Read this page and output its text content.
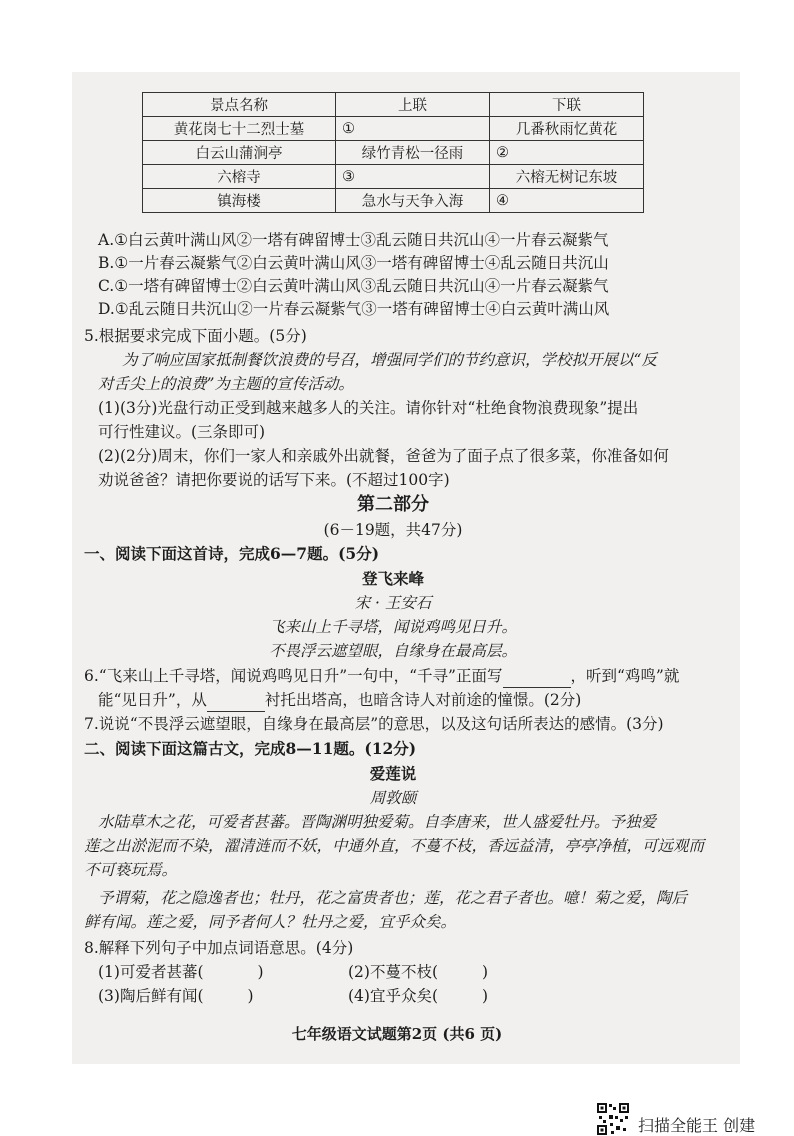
景点名称	上联	下联
黄花岗七十二烈士墓	①	几番秋雨忆黄花
白云山蒲涧亭	绿竹青松一径雨	②
六榕寺	③	六榕无树记东坡
镇海楼	急水与天争入海	④
A.①白云黄叶满山风②一塔有碑留博士③乱云随日共沉山④一片春云凝紫气
B.①一片春云凝紫气②白云黄叶满山风③一塔有碑留博士④乱云随日共沉山
C.①一塔有碑留博士②白云黄叶满山风③乱云随日共沉山④一片春云凝紫气
D.①乱云随日共沉山②一片春云凝紫气③一塔有碑留博士④白云黄叶满山风
5.根据要求完成下面小题。(5分)
为了响应国家抵制餐饮浪费的号召，增强同学们的节约意识，学校拟开展以“反
对舌尖上的浪费”为主题的宣传活动。
(1)(3分)光盘行动正受到越来越多人的关注。请你针对“杜绝食物浪费现象”提出
可行性建议。(三条即可)
(2)(2分)周末，你们一家人和亲戚外出就餐，爸爸为了面子点了很多菜，你准备如何
劝说爸爸？请把你要说的话写下来。(不超过100字)
第二部分
(6－19题，共47分)
一、阅读下面这首诗，完成6—7题。(5分)
登飞来峰
宋 · 王安石
飞来山上千寻塔，闻说鸡鸣见日升。
不畏浮云遮望眼，自缘身在最高层。
6.“飞来山上千寻塔，闻说鸡鸣见日升”一句中，“千寻”正面写	，听到“鸡鸣”就
能“见日升”，从	衬托出塔高，也暗含诗人对前途的憧憬。(2分)
7.说说“不畏浮云遮望眼，自缘身在最高层”的意思，以及这句话所表达的感情。(3分)
二、阅读下面这篇古文，完成8—11题。(12分)
爱莲说
周敦颐
水陆草木之花，可爱者甚蕃。晋陶渊明独爱菊。自李唐来，世人盛爱牡丹。予独爱
莲之出淤泥而不染，濯清涟而不妖，中通外直，不蔓不枝，香远益清，亭亭净植，可远观而
不可亵玩焉。
予谓菊，花之隐逸者也；牡丹，花之富贵者也；莲，花之君子者也。噫！菊之爱，陶后
鲜有闻。莲之爱，同予者何人？牡丹之爱，宜乎众矣。
8.解释下列句子中加点词语意思。(4分)
(1)可爱者甚蕃(	)	(2)不蔓不枝(	)
(3)陶后鲜有闻(	)	(4)宜乎众矣(	)
七年级语文试题第2页 (共6 页)
扫描全能王 创建
